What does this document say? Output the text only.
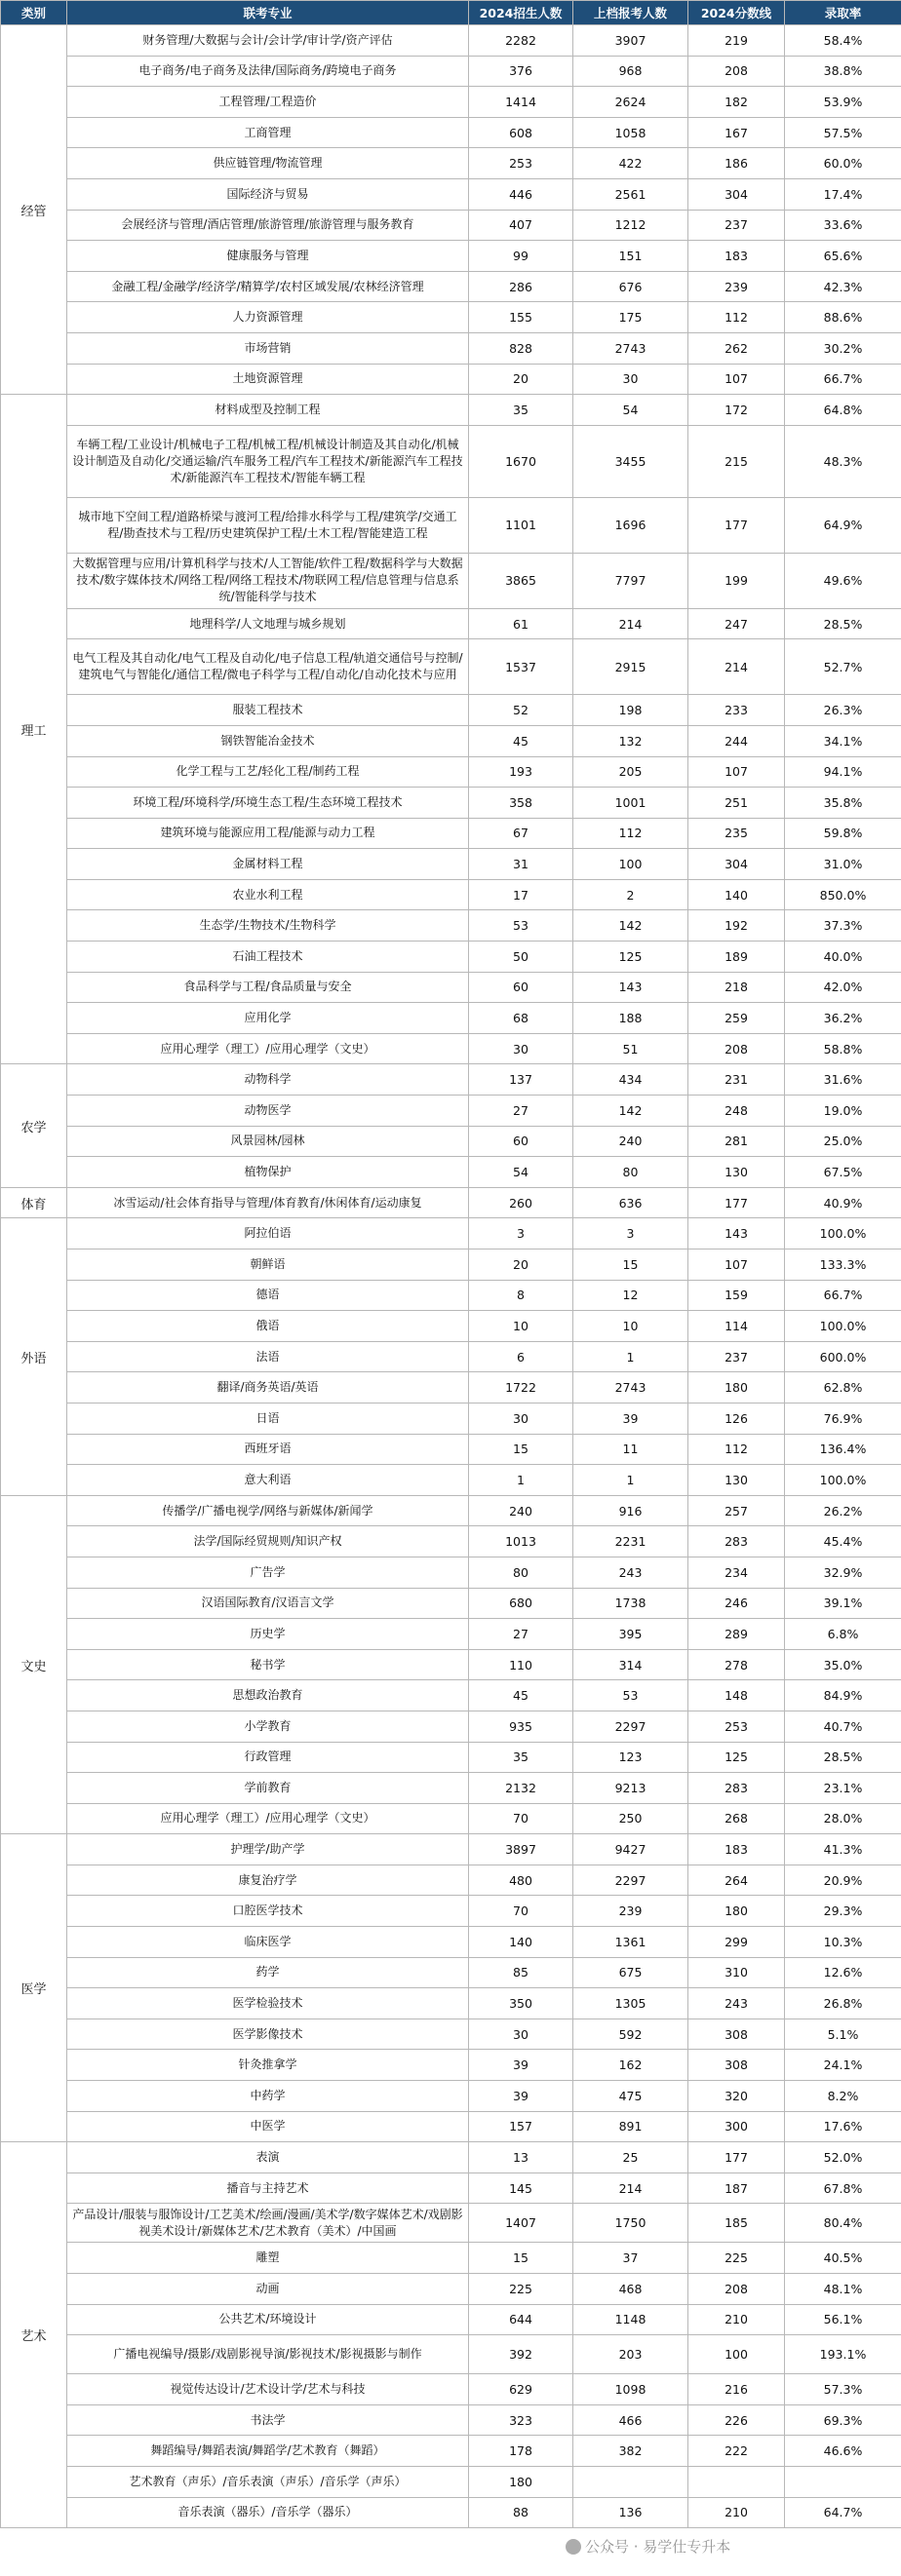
类别	联考专业	2024招生人数	上档报考人数	2024分数线	录取率
经管	财务管理/大数据与会计/会计学/审计学/资产评估	2282	3907	219	58.4%
	电子商务/电子商务及法律/国际商务/跨境电子商务	376	968	208	38.8%
	工程管理/工程造价	1414	2624	182	53.9%
	工商管理	608	1058	167	57.5%
	供应链管理/物流管理	253	422	186	60.0%
	国际经济与贸易	446	2561	304	17.4%
	会展经济与管理/酒店管理/旅游管理/旅游管理与服务教育	407	1212	237	33.6%
	健康服务与管理	99	151	183	65.6%
	金融工程/金融学/经济学/精算学/农村区域发展/农林经济管理	286	676	239	42.3%
	人力资源管理	155	175	112	88.6%
	市场营销	828	2743	262	30.2%
	土地资源管理	20	30	107	66.7%
理工	材料成型及控制工程	35	54	172	64.8%
	车辆工程/工业设计/机械电子工程/机械工程/机械设计制造及其自动化/机械设计制造及自动化/交通运输/汽车服务工程/汽车工程技术/新能源汽车工程技术/新能源汽车工程技术/智能车辆工程	1670	3455	215	48.3%
	城市地下空间工程/道路桥梁与渡河工程/给排水科学与工程/建筑学/交通工程/勘查技术与工程/历史建筑保护工程/土木工程/智能建造工程	1101	1696	177	64.9%
	大数据管理与应用/计算机科学与技术/人工智能/软件工程/数据科学与大数据技术/数字媒体技术/网络工程/网络工程技术/物联网工程/信息管理与信息系统/智能科学与技术	3865	7797	199	49.6%
	地理科学/人文地理与城乡规划	61	214	247	28.5%
	电气工程及其自动化/电气工程及自动化/电子信息工程/轨道交通信号与控制/建筑电气与智能化/通信工程/微电子科学与工程/自动化/自动化技术与应用	1537	2915	214	52.7%
	服装工程技术	52	198	233	26.3%
	钢铁智能冶金技术	45	132	244	34.1%
	化学工程与工艺/轻化工程/制药工程	193	205	107	94.1%
	环境工程/环境科学/环境生态工程/生态环境工程技术	358	1001	251	35.8%
	建筑环境与能源应用工程/能源与动力工程	67	112	235	59.8%
	金属材料工程	31	100	304	31.0%
	农业水利工程	17	2	140	850.0%
	生态学/生物技术/生物科学	53	142	192	37.3%
	石油工程技术	50	125	189	40.0%
	食品科学与工程/食品质量与安全	60	143	218	42.0%
	应用化学	68	188	259	36.2%
	应用心理学（理工）/应用心理学（文史）	30	51	208	58.8%
农学	动物科学	137	434	231	31.6%
	动物医学	27	142	248	19.0%
	风景园林/园林	60	240	281	25.0%
	植物保护	54	80	130	67.5%
体育	冰雪运动/社会体育指导与管理/体育教育/休闲体育/运动康复	260	636	177	40.9%
外语	阿拉伯语	3	3	143	100.0%
	朝鲜语	20	15	107	133.3%
	德语	8	12	159	66.7%
	俄语	10	10	114	100.0%
	法语	6	1	237	600.0%
	翻译/商务英语/英语	1722	2743	180	62.8%
	日语	30	39	126	76.9%
	西班牙语	15	11	112	136.4%
	意大利语	1	1	130	100.0%
文史	传播学/广播电视学/网络与新媒体/新闻学	240	916	257	26.2%
	法学/国际经贸规则/知识产权	1013	2231	283	45.4%
	广告学	80	243	234	32.9%
	汉语国际教育/汉语言文学	680	1738	246	39.1%
	历史学	27	395	289	6.8%
	秘书学	110	314	278	35.0%
	思想政治教育	45	53	148	84.9%
	小学教育	935	2297	253	40.7%
	行政管理	35	123	125	28.5%
	学前教育	2132	9213	283	23.1%
	应用心理学（理工）/应用心理学（文史）	70	250	268	28.0%
医学	护理学/助产学	3897	9427	183	41.3%
	康复治疗学	480	2297	264	20.9%
	口腔医学技术	70	239	180	29.3%
	临床医学	140	1361	299	10.3%
	药学	85	675	310	12.6%
	医学检验技术	350	1305	243	26.8%
	医学影像技术	30	592	308	5.1%
	针灸推拿学	39	162	308	24.1%
	中药学	39	475	320	8.2%
	中医学	157	891	300	17.6%
艺术	表演	13	25	177	52.0%
	播音与主持艺术	145	214	187	67.8%
	产品设计/服装与服饰设计/工艺美术/绘画/漫画/美术学/数字媒体艺术/戏剧影视美术设计/新媒体艺术/艺术教育（美术）/中国画	1407	1750	185	80.4%
	雕塑	15	37	225	40.5%
	动画	225	468	208	48.1%
	公共艺术/环境设计	644	1148	210	56.1%
	广播电视编导/摄影/戏剧影视导演/影视技术/影视摄影与制作	392	203	100	193.1%
	视觉传达设计/艺术设计学/艺术与科技	629	1098	216	57.3%
	书法学	323	466	226	69.3%
	舞蹈编导/舞蹈表演/舞蹈学/艺术教育（舞蹈）	178	382	222	46.6%
	艺术教育（声乐）/音乐表演（声乐）/音乐学（声乐）	180			
	音乐表演（器乐）/音乐学（器乐）	88	136	210	64.7%
公众号 · 易学仕专升本
